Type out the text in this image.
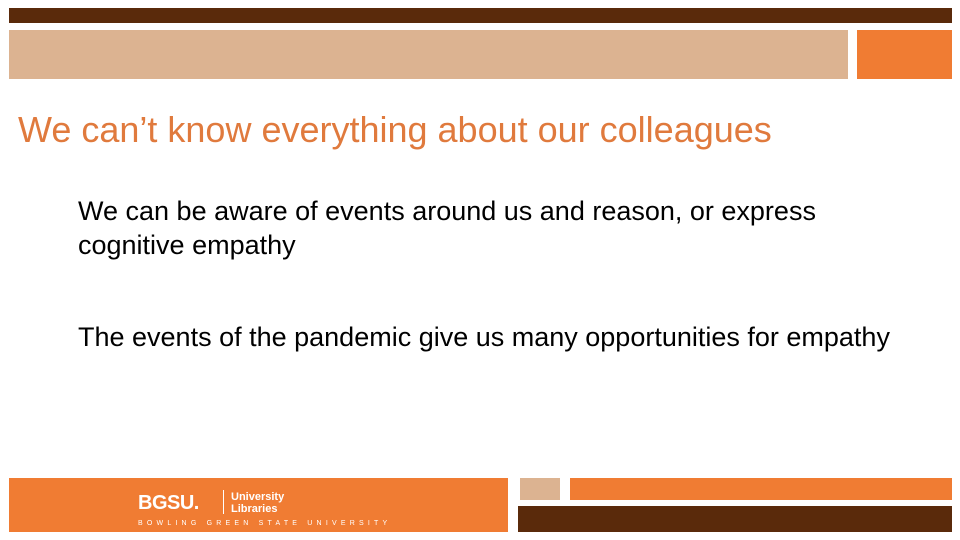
We can’t know everything about our colleagues
We can be aware of events around us and reason, or express cognitive empathy
The events of the pandemic give us many opportunities for empathy
BGSU.	University
Libraries
BOWLING GREEN STATE UNIVERSITY
